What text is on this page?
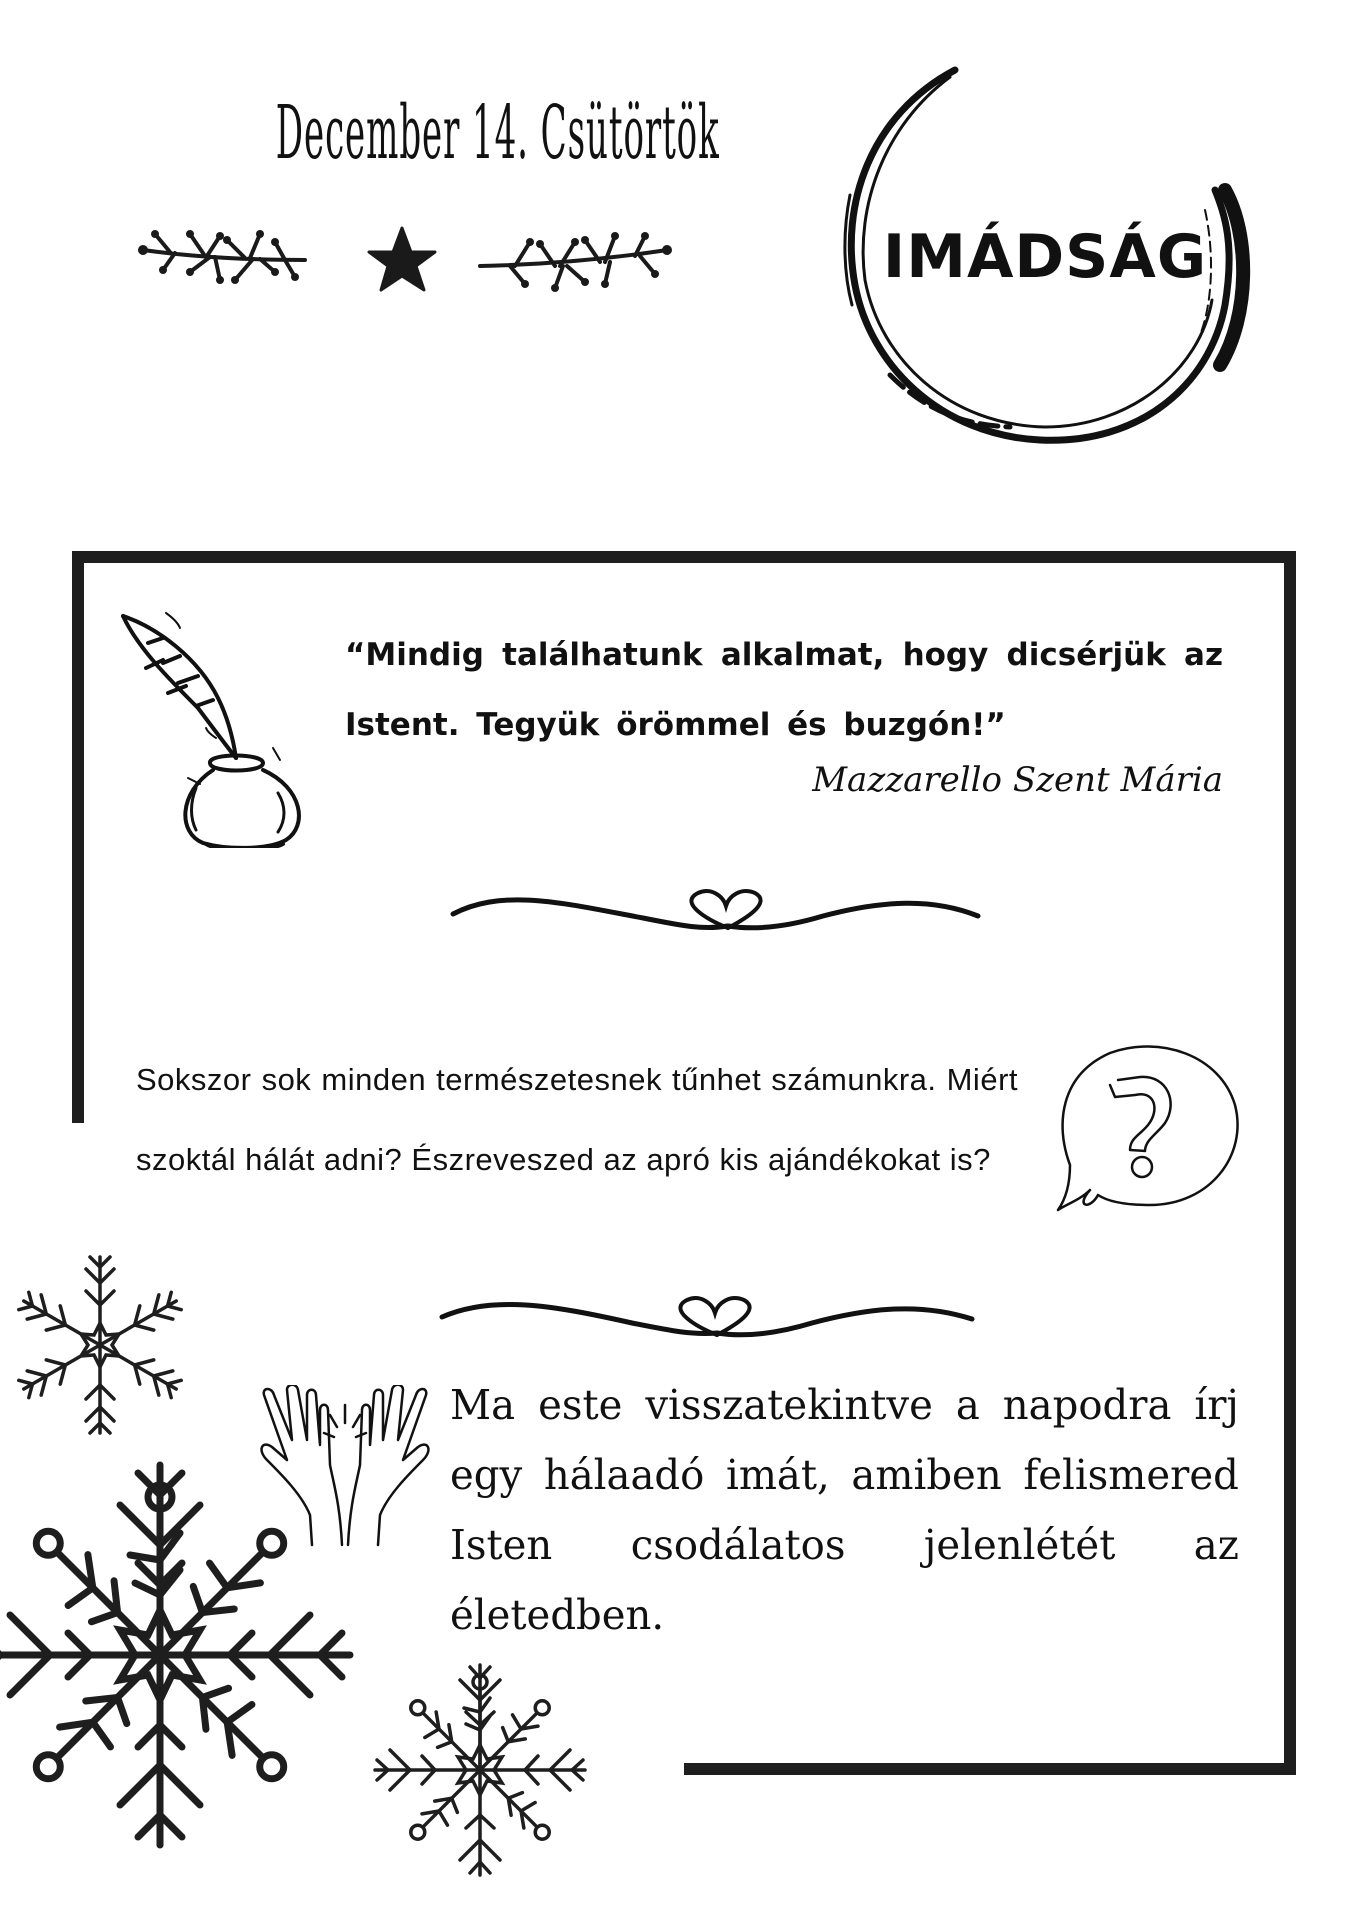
December 14. Csütörtök
IMÁDSÁG
“Mindig találhatunk alkalmat, hogy dicsérjük az Istent. Tegyük örömmel és buzgón!”
Mazzarello Szent Mária
Sokszor sok minden természetesnek tűnhet számunkra. Miért szoktál hálát adni? Észreveszed az apró kis ajándékokat is?
Ma este visszatekintve a napodra írj egy hálaadó imát, amiben felismered Isten csodálatos jelenlétét az életedben.
